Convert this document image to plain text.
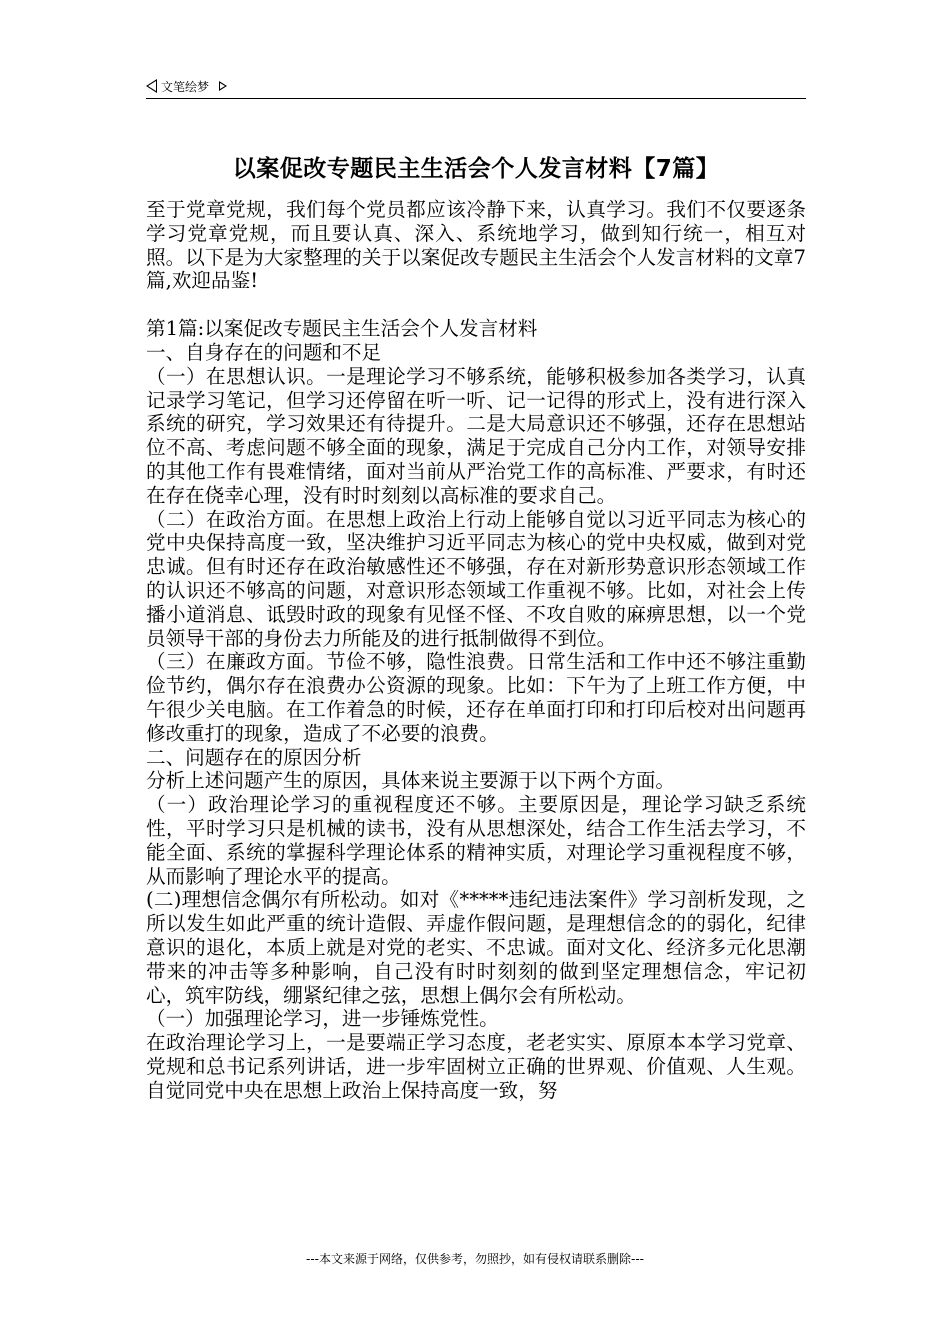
文笔绘梦
以案促改专题民主生活会个人发言材料【7篇】

至于党章党规，我们每个党员都应该冷静下来，认真学习。我们不仅要逐条学习党章党规，而且要认真、深入、系统地学习，做到知行统一，相互对照。以下是为大家整理的关于以案促改专题民主生活会个人发言材料的文章7篇,欢迎品鉴!

第1篇:以案促改专题民主生活会个人发言材料

一、自身存在的问题和不足

（一）在思想认识。一是理论学习不够系统，能够积极参加各类学习，认真记录学习笔记，但学习还停留在听一听、记一记得的形式上，没有进行深入系统的研究，学习效果还有待提升。二是大局意识还不够强，还存在思想站位不高、考虑问题不够全面的现象，满足于完成自己分内工作，对领导安排的其他工作有畏难情绪，面对当前从严治党工作的高标准、严要求，有时还在存在侥幸心理，没有时时刻刻以高标准的要求自己。

（二）在政治方面。在思想上政治上行动上能够自觉以习近平同志为核心的党中央保持高度一致，坚决维护习近平同志为核心的党中央权威，做到对党忠诚。但有时还存在政治敏感性还不够强，存在对新形势意识形态领域工作的认识还不够高的问题，对意识形态领域工作重视不够。比如，对社会上传播小道消息、诋毁时政的现象有见怪不怪、不攻自败的麻痹思想，以一个党员领导干部的身份去力所能及的进行抵制做得不到位。

（三）在廉政方面。节俭不够，隐性浪费。日常生活和工作中还不够注重勤俭节约，偶尔存在浪费办公资源的现象。比如：下午为了上班工作方便，中午很少关电脑。在工作着急的时候，还存在单面打印和打印后校对出问题再修改重打的现象，造成了不必要的浪费。

二、问题存在的原因分析

分析上述问题产生的原因，具体来说主要源于以下两个方面。

（一）政治理论学习的重视程度还不够。主要原因是，理论学习缺乏系统性，平时学习只是机械的读书，没有从思想深处，结合工作生活去学习，不能全面、系统的掌握科学理论体系的精神实质，对理论学习重视程度不够，从而影响了理论水平的提高。

(二)理想信念偶尔有所松动。如对《*****违纪违法案件》学习剖析发现，之所以发生如此严重的统计造假、弄虚作假问题，是理想信念的的弱化，纪律意识的退化，本质上就是对党的老实、不忠诚。面对文化、经济多元化思潮带来的冲击等多种影响，自己没有时时刻刻的做到坚定理想信念，牢记初心，筑牢防线，绷紧纪律之弦，思想上偶尔会有所松动。

（一）加强理论学习，进一步锤炼党性。

在政治理论学习上，一是要端正学习态度，老老实实、原原本本学习党章、党规和总书记系列讲话，进一步牢固树立正确的世界观、价值观、人生观。自觉同党中央在思想上政治上保持高度一致，努

---本文来源于网络，仅供参考，勿照抄，如有侵权请联系删除---
